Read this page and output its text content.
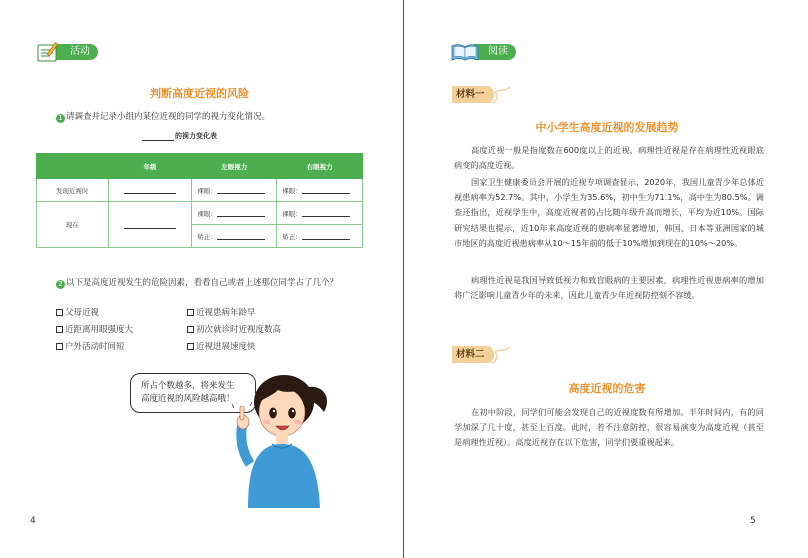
活动
判断高度近视的风险
1 请调查并记录小组内某位近视的同学的视力变化情况。
的视力变化表
	年级	左眼视力	右眼视力
发现近视时		裸眼：	裸眼：
现在		裸眼：	裸眼：
		矫正：	矫正：
2 以下是高度近视发生的危险因素，看看自己或者上述那位同学占了几个？
父母近视	近视患病年龄早
近距离用眼强度大	初次就诊时近视度数高
户外活动时间短	近视进展速度快
所占个数越多，将来发生
高度近视的风险越高哦！
4
阅读
材料一
中小学生高度近视的发展趋势
高度近视一般是指度数在600度以上的近视，病理性近视是存在病理性近视眼底病变的高度近视。
国家卫生健康委员会开展的近视专项调查显示，2020年，我国儿童青少年总体近视患病率为52.7%。其中，小学生为35.6%，初中生为71.1%，高中生为80.5%。调查还指出，近视学生中，高度近视者的占比随年级升高而增长，平均为近10%。国际研究结果也提示，近10年来高度近视的患病率显著增加，韩国、日本等亚洲国家的城市地区的高度近视患病率从10～15年前的低于10%增加到现在的10%～20%。
病理性近视是我国导致低视力和致盲眼病的主要因素，病理性近视患病率的增加将广泛影响儿童青少年的未来，因此儿童青少年近视防控刻不容缓。
材料二
高度近视的危害
在初中阶段，同学们可能会发现自己的近视度数有所增加。半年时间内，有的同学加深了几十度，甚至上百度。此时，若不注意防控，很容易演变为高度近视（甚至是病理性近视）。高度近视存在以下危害，同学们要重视起来。
5
